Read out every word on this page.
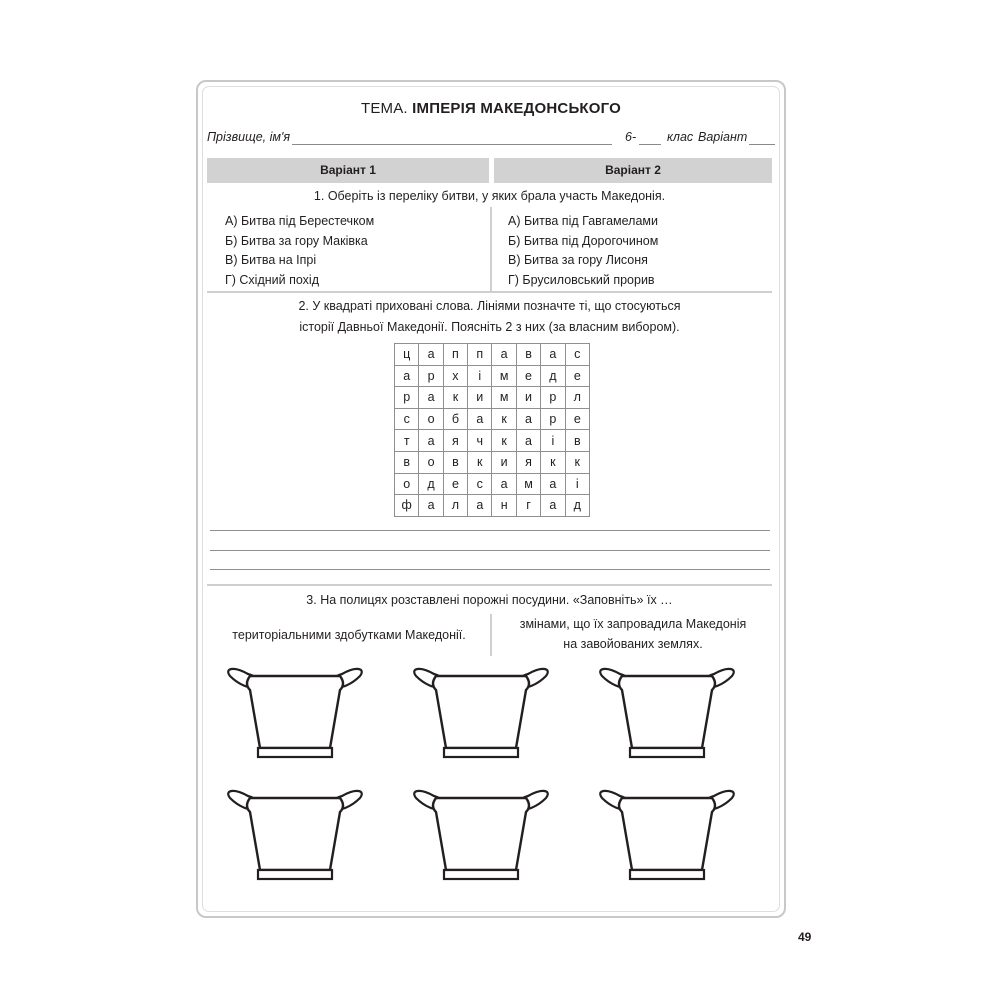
ТЕМА. ІМПЕРІЯ МАКЕДОНСЬКОГО
Прізвище, ім'я	6- клас Варіант
Варіант 1	Варіант 2
1. Оберіть із переліку битви, у яких брала участь Македонія.
А) Битва під Берестечком
Б) Битва за гору Маківка
В) Битва на Іпрі
Г) Східний похід
А) Битва під Гавгамелами
Б) Битва під Дорогочином
В) Битва за гору Лисоня
Г) Брусиловський прорив
2. У квадраті приховані слова. Лініями позначте ті, що стосуються
історії Давньої Македонії. Поясніть 2 з них (за власним вибором).
ц	а	п	п	а	в	а	с
а	р	х	і	м	е	д	е
р	а	к	и	м	и	р	л
с	о	б	а	к	а	р	е
т	а	я	ч	к	а	і	в
в	о	в	к	и	я	к	к
о	д	е	с	а	м	а	і
ф	а	л	а	н	г	а	д
3. На полицях розставлені порожні посудини. «Заповніть» їх …
територіальними здобутками Македонії.
змінами, що їх запровадила Македонія
на завойованих землях.
49
